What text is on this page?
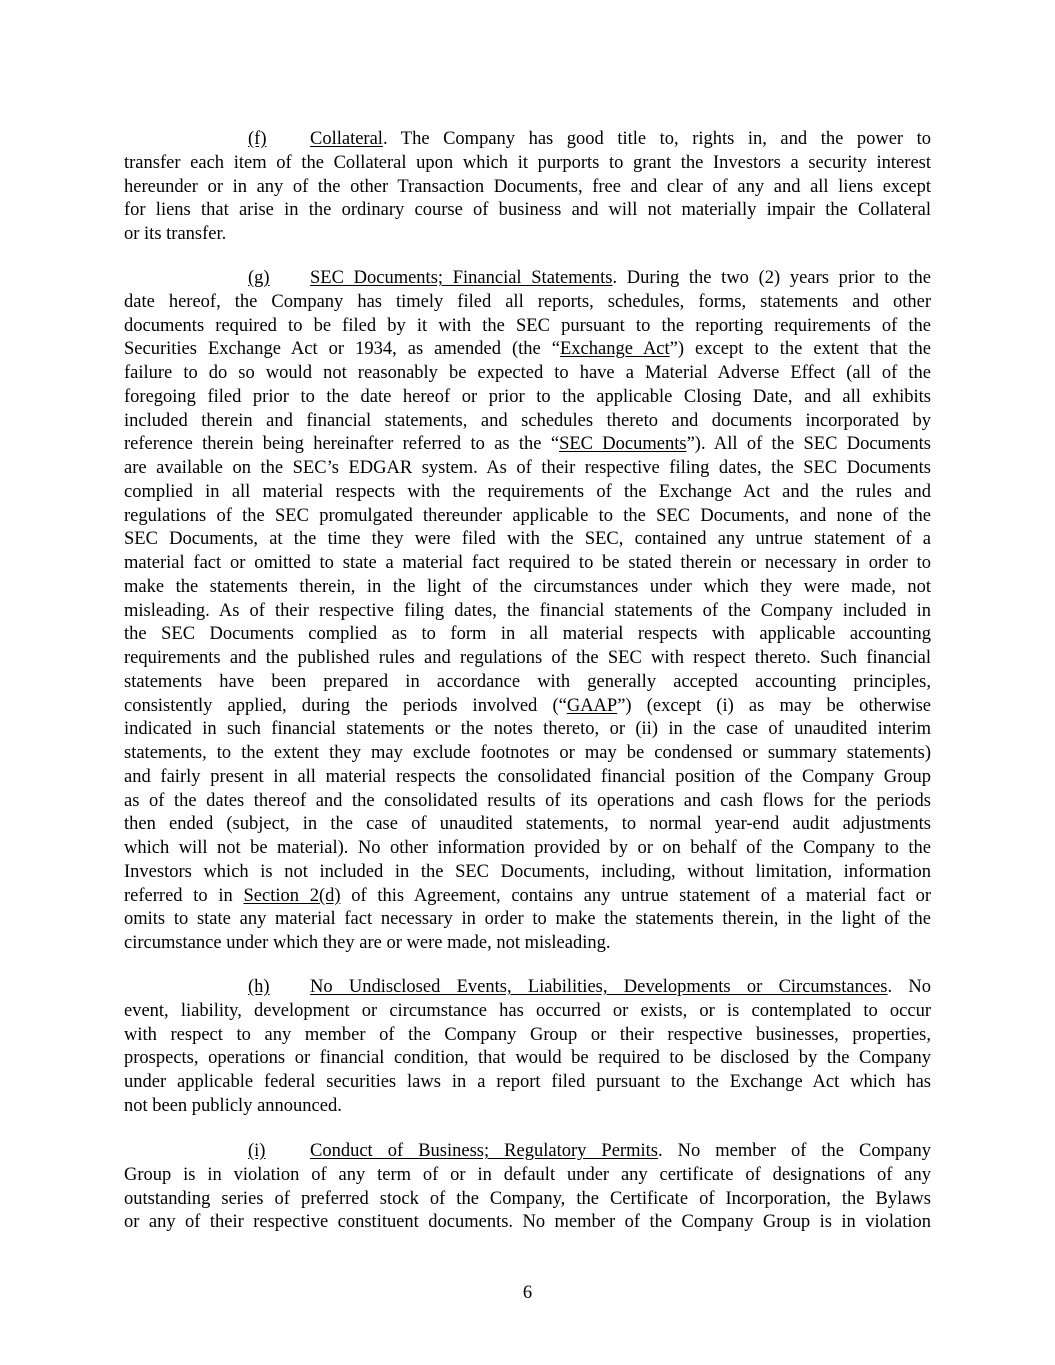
(f)	Collateral. The Company has good title to, rights in, and the power to
transfer each item of the Collateral upon which it purports to grant the Investors a security interest
hereunder or in any of the other Transaction Documents, free and clear of any and all liens except
for liens that arise in the ordinary course of business and will not materially impair the Collateral
or its transfer.
(g)	SEC Documents; Financial Statements. During the two (2) years prior to the
date hereof, the Company has timely filed all reports, schedules, forms, statements and other
documents required to be filed by it with the SEC pursuant to the reporting requirements of the
Securities Exchange Act or 1934, as amended (the “Exchange Act”) except to the extent that the
failure to do so would not reasonably be expected to have a Material Adverse Effect (all of the
foregoing filed prior to the date hereof or prior to the applicable Closing Date, and all exhibits
included therein and financial statements, and schedules thereto and documents incorporated by
reference therein being hereinafter referred to as the “SEC Documents”). All of the SEC Documents
are available on the SEC’s EDGAR system. As of their respective filing dates, the SEC Documents
complied in all material respects with the requirements of the Exchange Act and the rules and
regulations of the SEC promulgated thereunder applicable to the SEC Documents, and none of the
SEC Documents, at the time they were filed with the SEC, contained any untrue statement of a
material fact or omitted to state a material fact required to be stated therein or necessary in order to
make the statements therein, in the light of the circumstances under which they were made, not
misleading. As of their respective filing dates, the financial statements of the Company included in
the SEC Documents complied as to form in all material respects with applicable accounting
requirements and the published rules and regulations of the SEC with respect thereto. Such financial
statements have been prepared in accordance with generally accepted accounting principles,
consistently applied, during the periods involved (“GAAP”) (except (i) as may be otherwise
indicated in such financial statements or the notes thereto, or (ii) in the case of unaudited interim
statements, to the extent they may exclude footnotes or may be condensed or summary statements)
and fairly present in all material respects the consolidated financial position of the Company Group
as of the dates thereof and the consolidated results of its operations and cash flows for the periods
then ended (subject, in the case of unaudited statements, to normal year-end audit adjustments
which will not be material). No other information provided by or on behalf of the Company to the
Investors which is not included in the SEC Documents, including, without limitation, information
referred to in Section 2(d) of this Agreement, contains any untrue statement of a material fact or
omits to state any material fact necessary in order to make the statements therein, in the light of the
circumstance under which they are or were made, not misleading.
(h)	No Undisclosed Events, Liabilities, Developments or Circumstances. No
event, liability, development or circumstance has occurred or exists, or is contemplated to occur
with respect to any member of the Company Group or their respective businesses, properties,
prospects, operations or financial condition, that would be required to be disclosed by the Company
under applicable federal securities laws in a report filed pursuant to the Exchange Act which has
not been publicly announced.
(i)	Conduct of Business; Regulatory Permits. No member of the Company
Group is in violation of any term of or in default under any certificate of designations of any
outstanding series of preferred stock of the Company, the Certificate of Incorporation, the Bylaws
or any of their respective constituent documents. No member of the Company Group is in violation
6
